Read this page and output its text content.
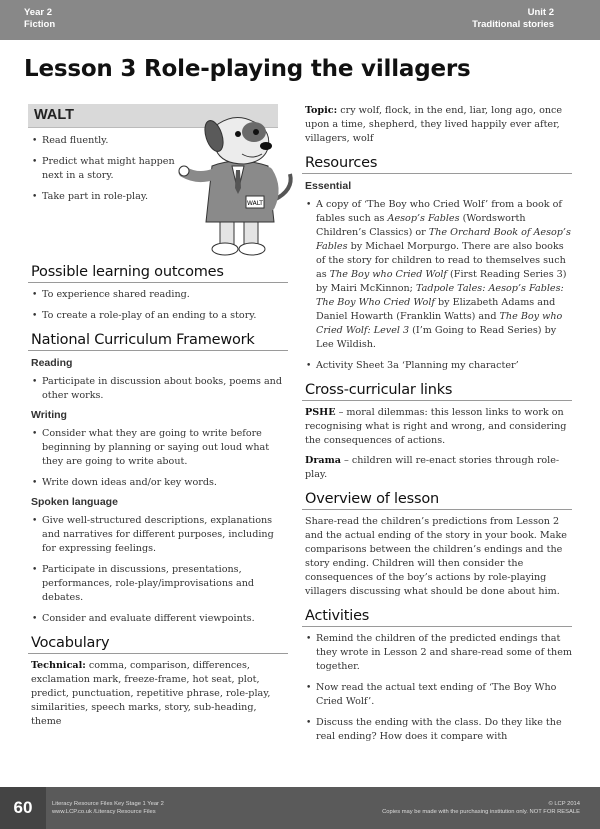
Year 2
Fiction
Unit 2
Traditional stories
Lesson 3 Role-playing the villagers
WALT
• Read fluently.
• Predict what might happen next in a story.
• Take part in role-play.
WALT
Possible learning outcomes
• To experience shared reading.
• To create a role-play of an ending to a story.
National Curriculum Framework
Reading
• Participate in discussion about books, poems and other works.
Writing
• Consider what they are going to write before beginning by planning or saying out loud what they are going to write about.
• Write down ideas and/or key words.
Spoken language
• Give well-structured descriptions, explanations and narratives for different purposes, including for expressing feelings.
• Participate in discussions, presentations, performances, role-play/improvisations and debates.
• Consider and evaluate different viewpoints.
Vocabulary

Technical: comma, comparison, differences, exclamation mark, freeze-frame, hot seat, plot, predict, punctuation, repetitive phrase, role-play, similarities, speech marks, story, sub-heading, theme

Topic: cry wolf, flock, in the end, liar, long ago, once upon a time, shepherd, they lived happily ever after, villagers, wolf

Resources
Essential
• A copy of ‘The Boy who Cried Wolf’ from a book of fables such as Aesop’s Fables (Wordsworth Children’s Classics) or The Orchard Book of Aesop’s Fables by Michael Morpurgo. There are also books of the story for children to read to themselves such as The Boy who Cried Wolf (First Reading Series 3) by Mairi McKinnon; Tadpole Tales: Aesop’s Fables: The Boy Who Cried Wolf by Elizabeth Adams and Daniel Howarth (Franklin Watts) and The Boy who Cried Wolf: Level 3 (I’m Going to Read Series) by Lee Wildish.
• Activity Sheet 3a ‘Planning my character’
Cross-curricular links

PSHE – moral dilemmas: this lesson links to work on recognising what is right and wrong, and considering the consequences of actions.

Drama – children will re-enact stories through role-play.

Overview of lesson

Share-read the children’s predictions from Lesson 2 and the actual ending of the story in your book. Make comparisons between the children’s endings and the story ending. Children will then consider the consequences of the boy’s actions by role-playing villagers discussing what should be done about him.

Activities
• Remind the children of the predicted endings that they wrote in Lesson 2 and share-read some of them together.
• Now read the actual text ending of ‘The Boy Who Cried Wolf’.
• Discuss the ending with the class. Do they like the real ending? How does it compare with
60	Literacy Resource Files Key Stage 1 Year 2
www.LCP.co.uk /Literacy Resource Files
© LCP 2014
Copies may be made with the purchasing institution only. NOT FOR RESALE
